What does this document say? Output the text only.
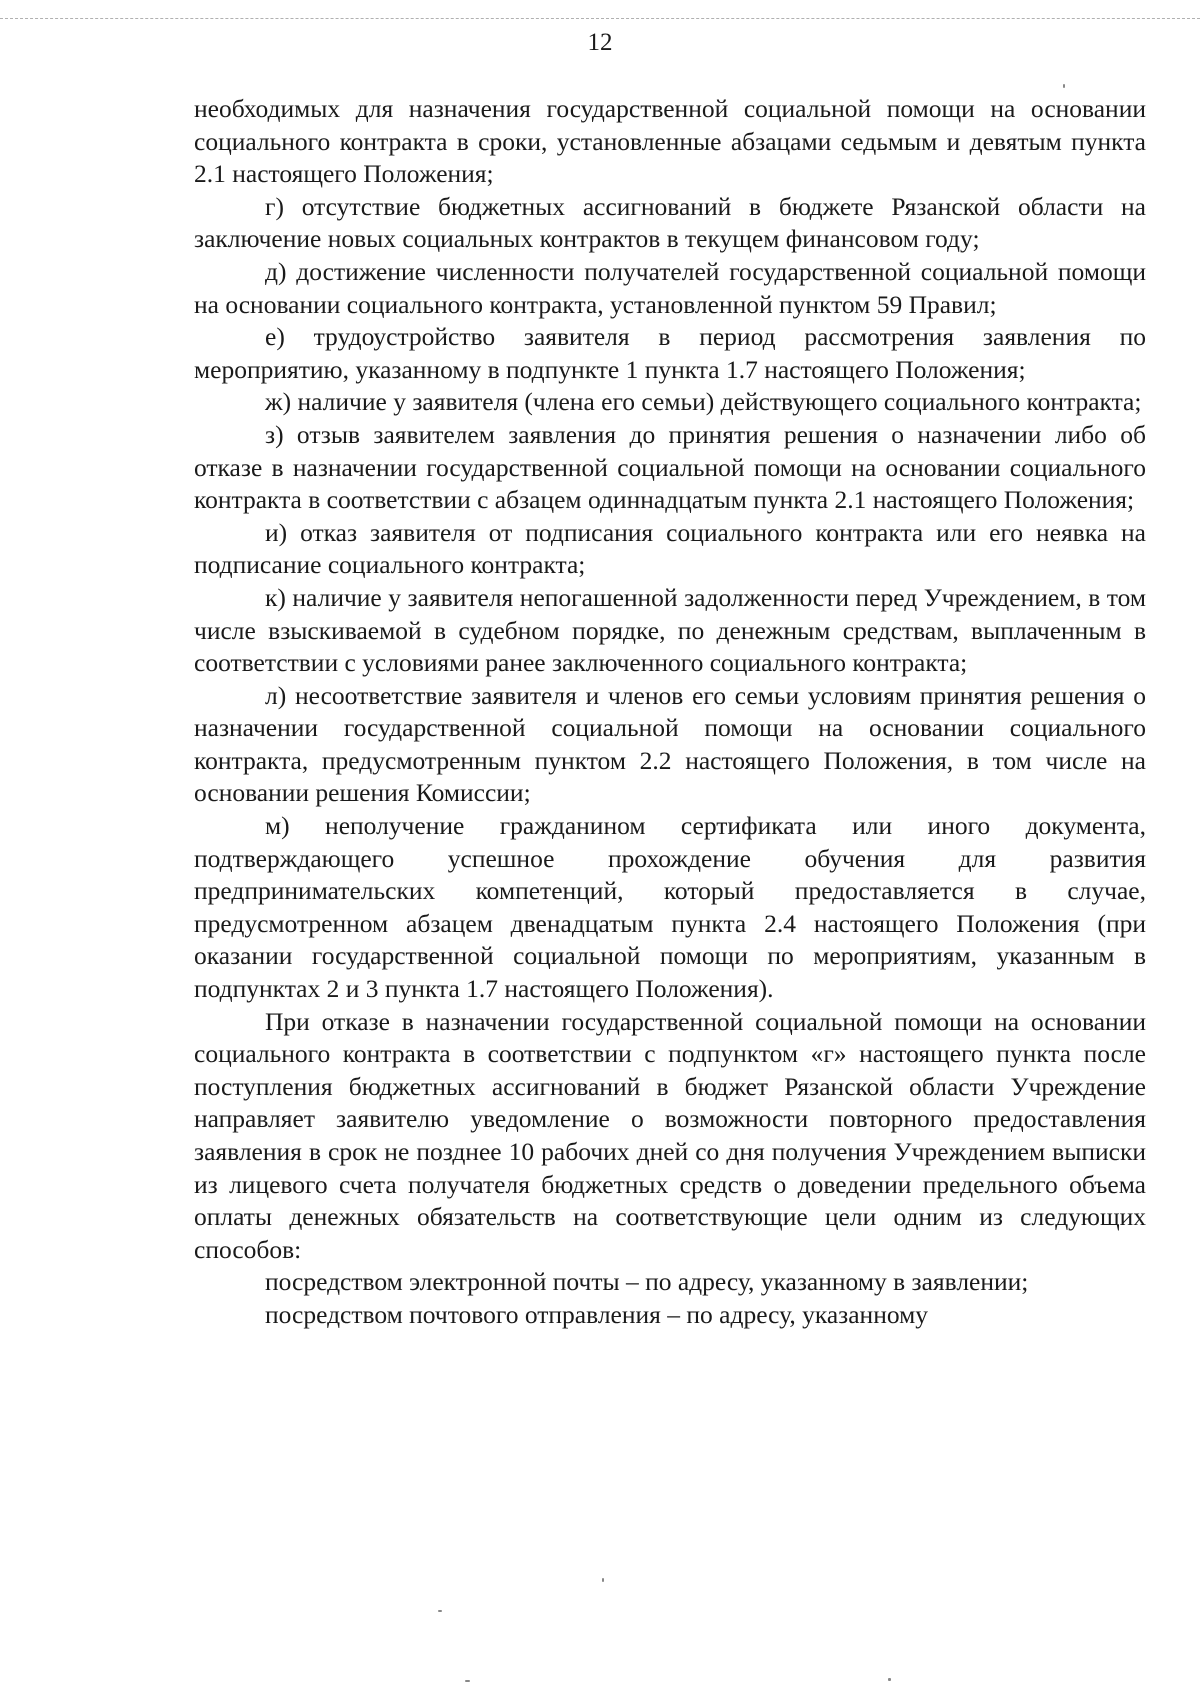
12

необходимых для назначения государственной социальной помощи на основании социального контракта в сроки, установленные абзацами седьмым и девятым пункта 2.1 настоящего Положения;

г) отсутствие бюджетных ассигнований в бюджете Рязанской области на заключение новых социальных контрактов в текущем финансовом году;

д) достижение численности получателей государственной социальной помощи на основании социального контракта, установленной пунктом 59 Правил;

е) трудоустройство заявителя в период рассмотрения заявления по мероприятию, указанному в подпункте 1 пункта 1.7 настоящего Положения;

ж) наличие у заявителя (члена его семьи) действующего социального контракта;

з) отзыв заявителем заявления до принятия решения о назначении либо об отказе в назначении государственной социальной помощи на основании социального контракта в соответствии с абзацем одиннадцатым пункта 2.1 настоящего Положения;

и) отказ заявителя от подписания социального контракта или его неявка на подписание социального контракта;

к) наличие у заявителя непогашенной задолженности перед Учреждением, в том числе взыскиваемой в судебном порядке, по денежным средствам, выплаченным в соответствии с условиями ранее заключенного социального контракта;

л) несоответствие заявителя и членов его семьи условиям принятия решения о назначении государственной социальной помощи на основании социального контракта, предусмотренным пунктом 2.2 настоящего Положения, в том числе на основании решения Комиссии;

м) неполучение гражданином сертификата или иного документа, подтверждающего успешное прохождение обучения для развития предпринимательских компетенций, который предоставляется в случае, предусмотренном абзацем двенадцатым пункта 2.4 настоящего Положения (при оказании государственной социальной помощи по мероприятиям, указанным в подпунктах 2 и 3 пункта 1.7 настоящего Положения).

При отказе в назначении государственной социальной помощи на основании социального контракта в соответствии с подпунктом «г» настоящего пункта после поступления бюджетных ассигнований в бюджет Рязанской области Учреждение направляет заявителю уведомление о возможности повторного предоставления заявления в срок не позднее 10 рабочих дней со дня получения Учреждением выписки из лицевого счета получателя бюджетных средств о доведении предельного объема оплаты денежных обязательств на соответствующие цели одним из следующих способов:

посредством электронной почты – по адресу, указанному в заявлении;

посредством почтового отправления – по адресу, указанному
